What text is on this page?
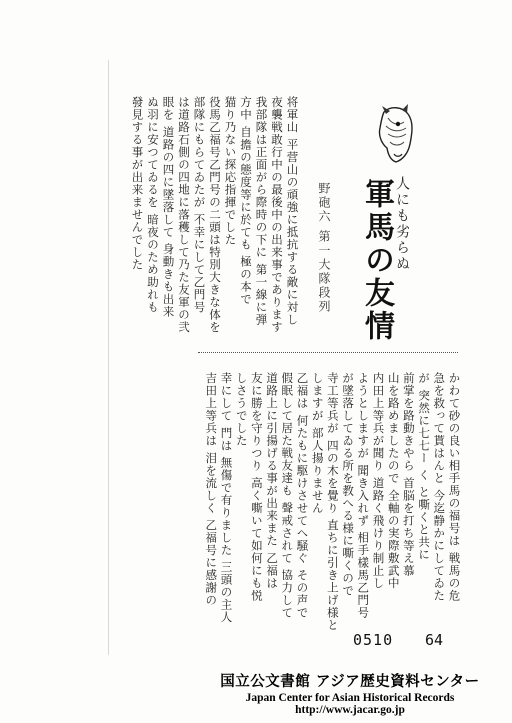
将軍山 平营山の頑強に抵抗する敵に対し
夜襲戦敢行中の最後中の出来事であります
我部隊は正面がら際時の下に 第一線に弾
方中 自擔の態度等に於ても 極の本で
猫り乃ない探応指揮でした
役馬乙福号乙門号の二頭は特別大きな体を
部隊にもらてゐたが 不幸にして乙門号
は道路石側の四地に落穫して乃た友軍の弐
眼を 道路の四に墜落して 身動きも出来
ぬ羽に安つてゐるを 暗夜のため助れも
發見する事が出来ませんでした	軍馬の友情 人にも劣らぬ
野砲六 第一大隊段列
かわて砂の良い相手馬の福号は 戦馬の危
急を救って貰はんと 今迄静かにしてゐた
が 突然に七七ー く と嘶くと共に
前掌を路動きやら 首脳を打ち等え慕
山を路めましたので 全軸の実際敷武中
内田上等兵が聞り 道路く飛けり制止し
ようとしますが 聞き入れず 相手樣馬乙門号
が墜落してゐる所を教へる様に嘶くので
寺工等兵が 四の木を覺り 直ちに引き上げ様と
しますが 部人揚りません
乙福は 何たもに駆けさせてへ騒ぐ その声で
假眠して居た戦友達も 聲戒されて 協力して
道路上に引揚げる事が出来また 乙福は
友に勝を守りつり 高く嘶いて如何にも悦
しさうでした
幸にして 門は 無傷で有りました 三頭の主人
吉田上等兵は 泪を流しく 乙福号に感謝の
0510 64
国立公文書館 アジア歴史資料センター
Japan Center for Asian Historical Records
http://www.jacar.go.jp
